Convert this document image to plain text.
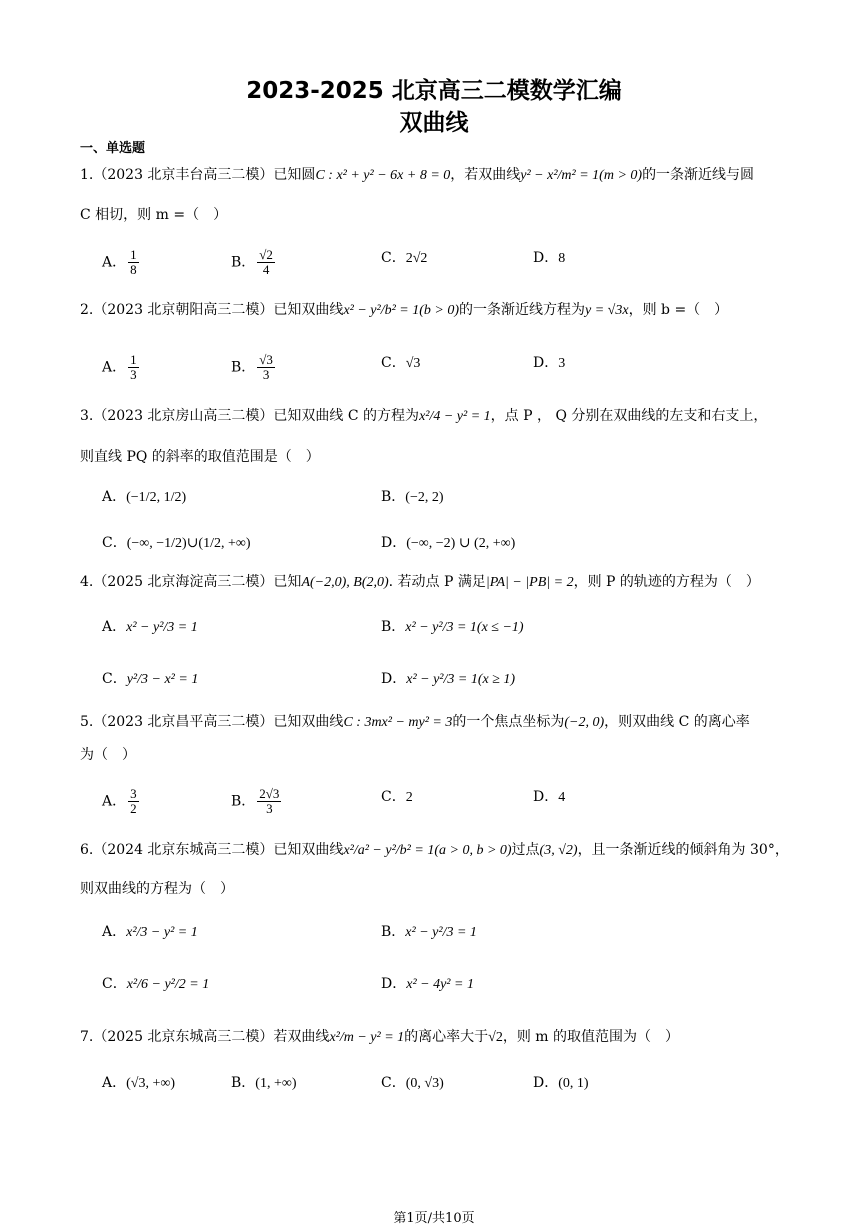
2023-2025 北京高三二模数学汇编
双曲线
一、单选题
1.（2023 北京丰台高三二模）已知圆C : x² + y² − 6x + 8 = 0，若双曲线y² − x²/m² = 1(m > 0)的一条渐近线与圆
C 相切，则 m =（　）
A． $\frac{1}{8}$	B． $\frac{√2}{4}$	C．2√2	D．8
2.（2023 北京朝阳高三二模）已知双曲线x² − y²/b² = 1(b > 0)的一条渐近线方程为y = √3x，则 b =（　）
A． $\frac{1}{3}$	B． $\frac{√3}{3}$	C．√3	D．3
3.（2023 北京房山高三二模）已知双曲线 C 的方程为x²/4 − y² = 1，点 P ， Q 分别在双曲线的左支和右支上，
则直线 PQ 的斜率的取值范围是（　）
A．(−1/2, 1/2)	B．(−2, 2)
C．(−∞, −1/2)∪(1/2, +∞)	D．(−∞, −2) ∪ (2, +∞)
4.（2025 北京海淀高三二模）已知A(−2,0), B(2,0). 若动点 P 满足|PA| − |PB| = 2，则 P 的轨迹的方程为（　）
A．x² − y²/3 = 1	B．x² − y²/3 = 1(x ≤ −1)
C．y²/3 − x² = 1	D．x² − y²/3 = 1(x ≥ 1)
5.（2023 北京昌平高三二模）已知双曲线C : 3mx² − my² = 3的一个焦点坐标为(−2, 0)，则双曲线 C 的离心率
为（　）
A． $\frac{3}{2}$	B． $\frac{2√3}{3}$	C．2	D．4
6.（2024 北京东城高三二模）已知双曲线x²/a² − y²/b² = 1(a > 0, b > 0)过点(3, √2)，且一条渐近线的倾斜角为 30°，
则双曲线的方程为（　）
A．x²/3 − y² = 1	B．x² − y²/3 = 1
C．x²/6 − y²/2 = 1	D．x² − 4y² = 1
7.（2025 北京东城高三二模）若双曲线x²/m − y² = 1的离心率大于√2，则 m 的取值范围为（　）
A．(√3, +∞)	B．(1, +∞)	C．(0, √3)	D．(0, 1)
第1页/共10页
